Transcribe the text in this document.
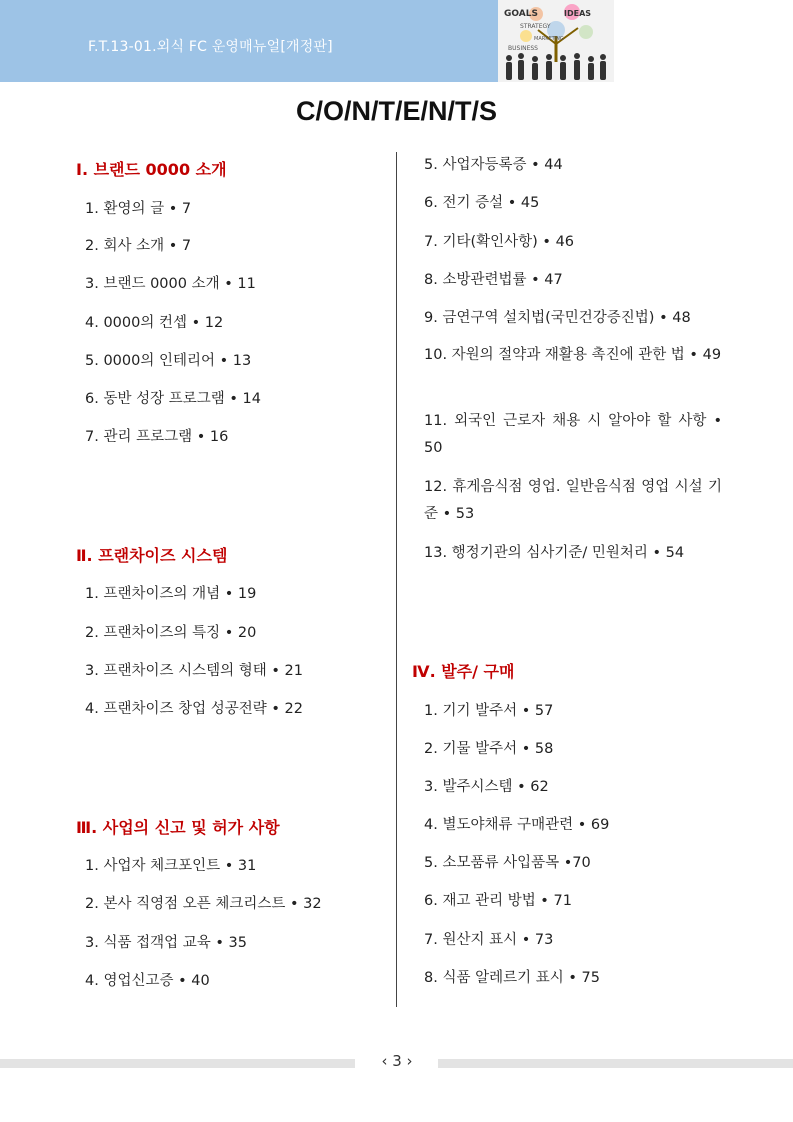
F.T.13-01.외식 FC 운영매뉴얼[개정판]
GOALS	IDEAS
STRATEGY
MARKETING
BUSINESS
C/O/N/T/E/N/T/S
Ⅰ. 브랜드 0000 소개
1. 환영의 글 • 7
2. 회사 소개 • 7
3. 브랜드 0000 소개 • 11
4. 0000의 컨셉 • 12
5. 0000의 인테리어 • 13
6. 동반 성장 프로그램 • 14
7. 관리 프로그램 • 16
Ⅱ. 프랜차이즈 시스템
1. 프랜차이즈의 개념 • 19
2. 프랜차이즈의 특징 • 20
3. 프랜차이즈 시스템의 형태 • 21
4. 프랜차이즈 창업 성공전략 • 22
Ⅲ. 사업의 신고 및 허가 사항
1. 사업자 체크포인트 • 31
2. 본사 직영점 오픈 체크리스트 • 32
3. 식품 접객업 교육 • 35
4. 영업신고증 • 40
5. 사업자등록증 • 44
6. 전기 증설 • 45
7. 기타(확인사항) • 46
8. 소방관련법률 • 47
9. 금연구역 설치법(국민건강증진법) • 48
10. 자원의 절약과 재활용 촉진에 관한 법 • 49
11. 외국인 근로자 채용 시 알아야 할 사항 • 50
12. 휴게음식점 영업. 일반음식점 영업 시설 기준 • 53
13. 행정기관의 심사기준/ 민원처리 • 54
Ⅳ. 발주/ 구매
1. 기기 발주서 • 57
2. 기물 발주서 • 58
3. 발주시스템 • 62
4. 별도야채류 구매관련 • 69
5. 소모품류 사입품목 •70
6. 재고 관리 방법 • 71
7. 원산지 표시 • 73
8. 식품 알레르기 표시 • 75
‹ 3 ›
